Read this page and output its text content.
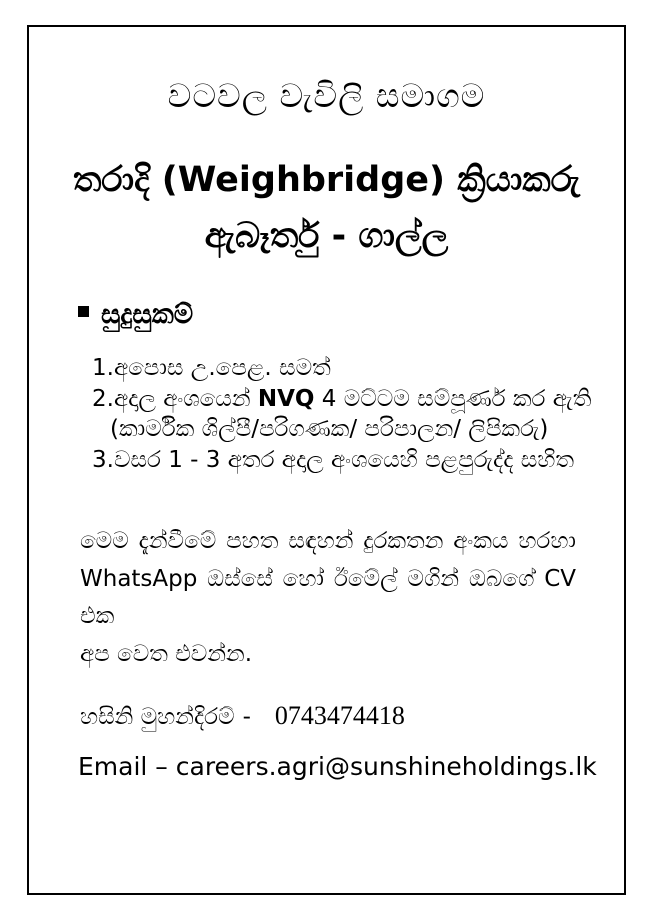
වටවල වැවිලි සමාගම
තරාදි (Weighbridge) ක්‍රියාකරු
ඇබෑර්තු - ගාල්ල
සුදුසුකම්
1.අපොස උ.පෙළ. සමත්
2.අදාල අංශයෙන් NVQ 4 මට්ටම සම්පූර්ණ කර ඇති
(කාර්මික ශිල්පී/පරිගණක/ පරිපාලන/ ලිපිකරු)
3.වසර 1 - 3 අතර අදාල අංශයෙහි පළපුරුද්ද සහිත
මෙම දැන්වීමේ පහත සඳහන් දුරකතන අංකය හරහා
WhatsApp ඔස්සේ හෝ ඊමේල් මගින් ඔබගේ CV එක
අප වෙත එවන්න.
හසිනි මුහන්දිරම් - 0743474418
Email – careers.agri@sunshineholdings.lk
